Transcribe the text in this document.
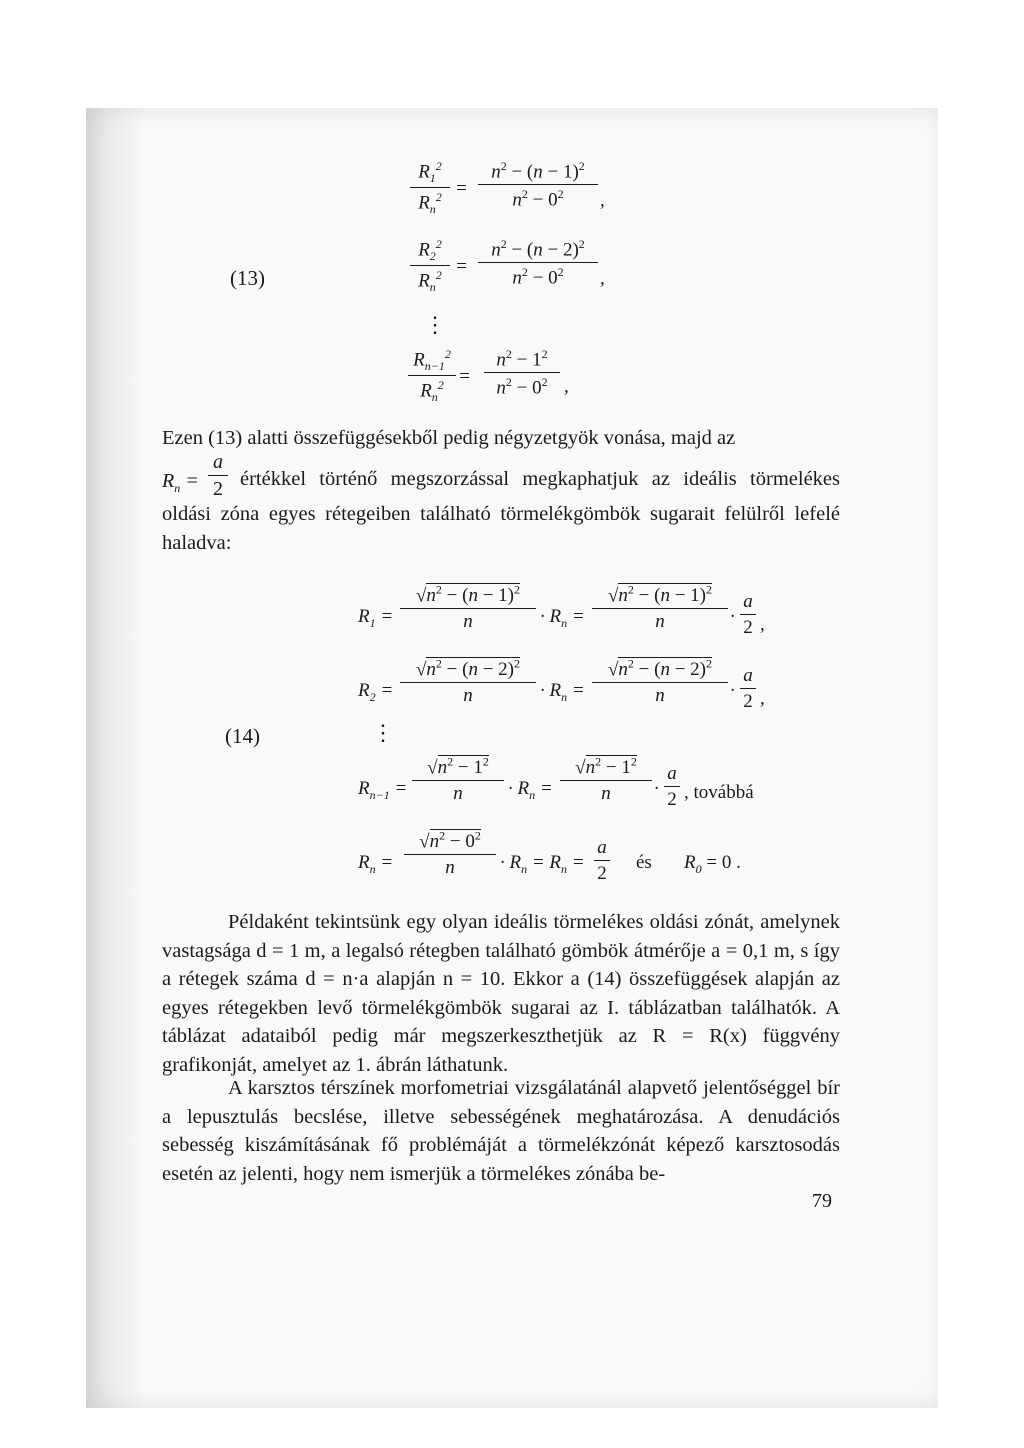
(13)
$R_1^2$
$R_n^2$ =
$n^2 - (n - 1)^2$
$n^2 - 0^2$	,
$R_2^2$
$R_n^2$ =
$n^2 - (n - 2)^2$
$n^2 - 0^2$	,
⋮
$R_{n-1}^2$
$R_n^2$ =
$n^2 - 1^2$
$n^2 - 0^2$ ,
Ezen (13) alatti összefüggésekből pedig négyzetgyök vonása, majd az
$R_n$ =
a
2 értékkel történő megszorzással megkaphatjuk az ideális törmelékes
oldási zóna egyes rétegeiben található törmelékgömbök sugarait felülről lefelé haladva:
(14)
$R_1$ =
$√n^2 - (n - 1)^2$
n	· $R_n$ =
$√n^2 - (n - 1)^2$
n	·
a
2 ,
$R_2$ =
$√n^2 - (n - 2)^2$
n	· $R_n$ =
$√n^2 - (n - 2)^2$
n	·
a
2 ,
⋮
$R_{n-1}$ =
$√n^2 - 1^2$
n	· $R_n$ =
$√n^2 - 1^2$
n	·
a
2 , továbbá
$R_n$ =
$√n^2 - 0^2$
n	· $R_n = R_n$ =
a
2
és $R_0 = 0$ .

Példaként tekintsünk egy olyan ideális törmelékes oldási zónát, amelynek vastagsága d = 1 m, a legalsó rétegben található gömbök átmérője a = 0,1 m, s így a rétegek száma d = n·a alapján n = 10. Ekkor a (14) összefüggések alapján az egyes rétegekben levő törmelékgömbök sugarai az I. táblázatban találhatók. A táblázat adataiból pedig már megszerkeszthetjük az R = R(x) függvény grafikonját, amelyet az 1. ábrán láthatunk.

A karsztos térszínek morfometriai vizsgálatánál alapvető jelentőséggel bír a lepusztulás becslése, illetve sebességének meghatározása. A denudációs sebesség kiszámításának fő problémáját a törmelékzónát képező karsztosodás esetén az jelenti, hogy nem ismerjük a törmelékes zónába be-

79
